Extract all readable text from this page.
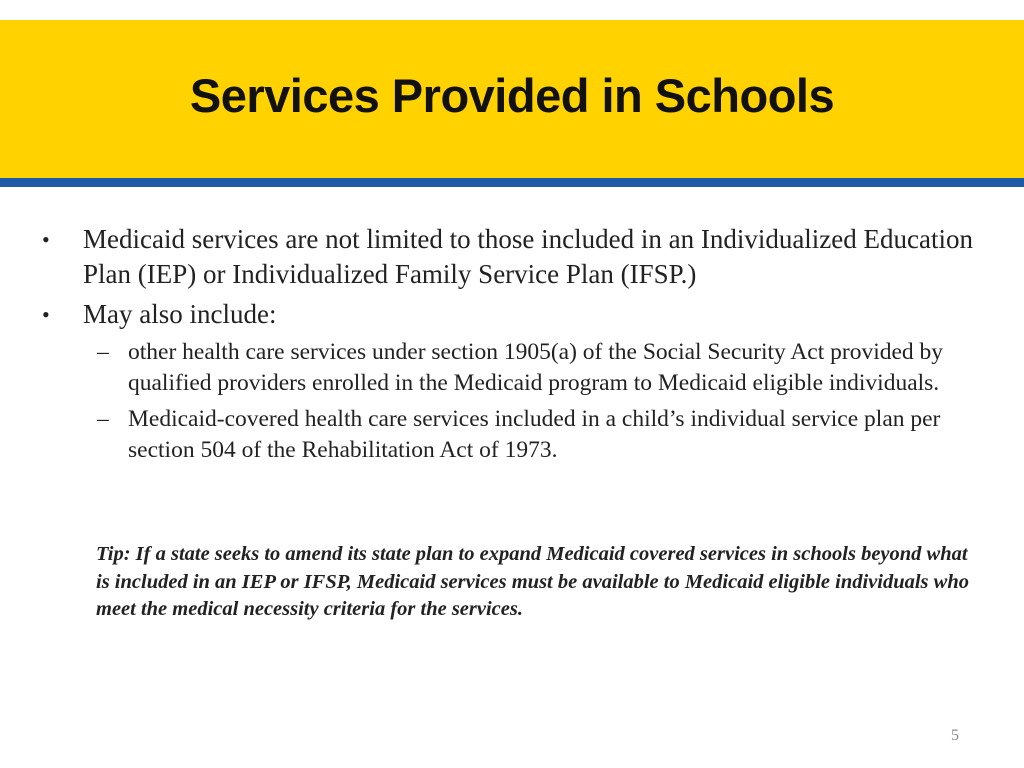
Services Provided in Schools
• Medicaid services are not limited to those included in an Individualized Education Plan (IEP) or Individualized Family Service Plan (IFSP.)
• May also include:
– other health care services under section 1905(a) of the Social Security Act provided by qualified providers enrolled in the Medicaid program to Medicaid eligible individuals.
– Medicaid-covered health care services included in a child’s individual service plan per section 504 of the Rehabilitation Act of 1973.
Tip: If a state seeks to amend its state plan to expand Medicaid covered services in schools beyond what is included in an IEP or IFSP, Medicaid services must be available to Medicaid eligible individuals who meet the medical necessity criteria for the services.
5
